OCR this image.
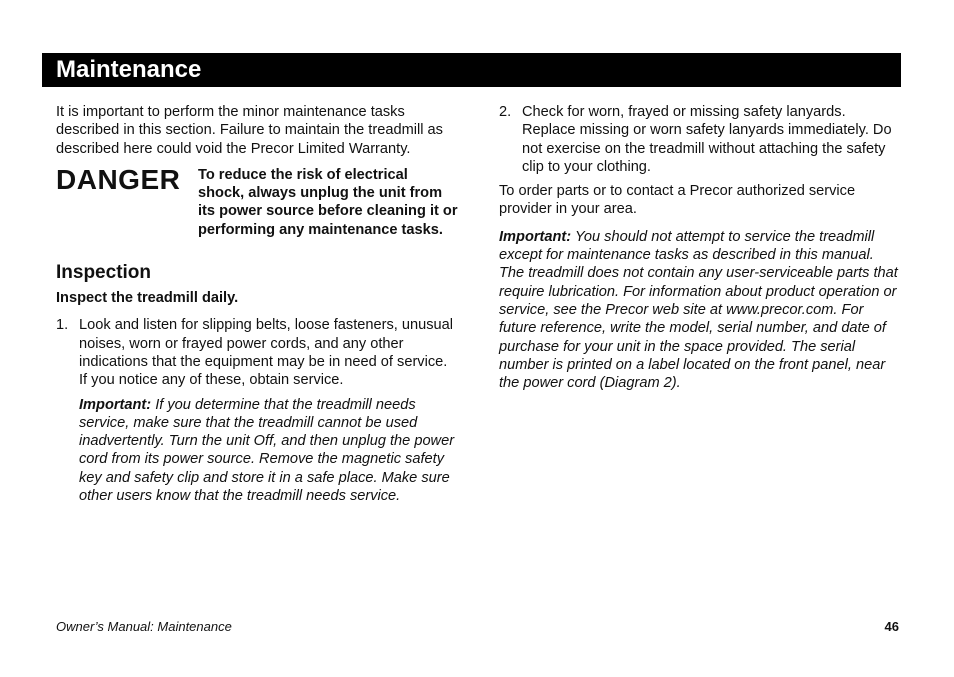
Maintenance

It is important to perform the minor maintenance tasks described in this section. Failure to maintain the treadmill as described here could void the Precor Limited Warranty.

DANGER	To reduce the risk of electrical shock, always unplug the unit from its power source before cleaning it or performing any maintenance tasks.
Inspection

Inspect the treadmill daily.

1. Look and listen for slipping belts, loose fasteners, unusual noises, worn or frayed power cords, and any other indications that the equipment may be in need of service. If you notice any of these, obtain service.

Important: If you determine that the treadmill needs service, make sure that the treadmill cannot be used inadvertently. Turn the unit Off, and then unplug the power cord from its power source. Remove the magnetic safety key and safety clip and store it in a safe place. Make sure other users know that the treadmill needs service.

2. Check for worn, frayed or missing safety lanyards. Replace missing or worn safety lanyards immediately. Do not exercise on the treadmill without attaching the safety clip to your clothing.

To order parts or to contact a Precor authorized service provider in your area.

Important: You should not attempt to service the treadmill except for maintenance tasks as described in this manual. The treadmill does not contain any user-serviceable parts that require lubrication. For information about product operation or service, see the Precor web site at www.precor.com. For future reference, write the model, serial number, and date of purchase for your unit in the space provided. The serial number is printed on a label located on the front panel, near the power cord (Diagram 2).

Owner’s Manual: Maintenance	46
